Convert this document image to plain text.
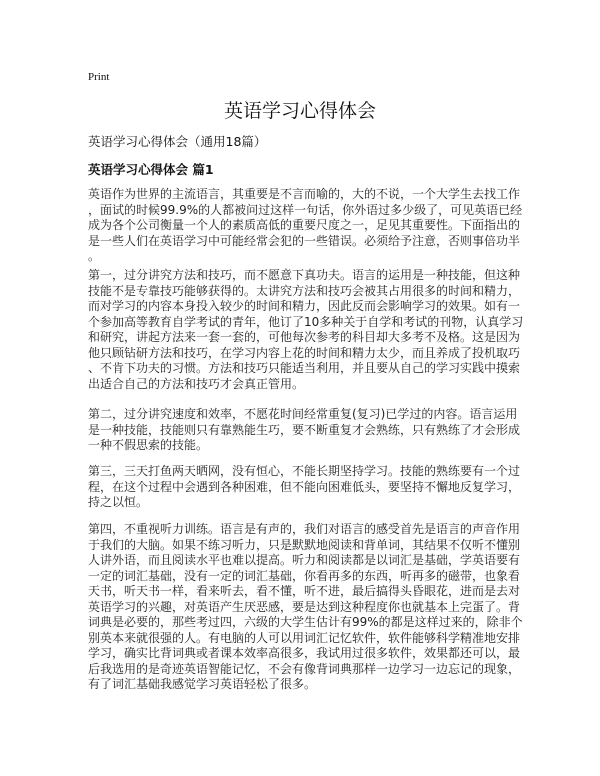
Print
英语学习心得体会
英语学习心得体会（通用18篇）
英语学习心得体会 篇1
英语作为世界的主流语言，其重要是不言而喻的，大的不说，一个大学生去找工作
，面试的时候99.9%的人都被问过这样一句话，你外语过多少级了，可见英语已经
成为各个公司衡量一个人的素质高低的重要尺度之一，足见其重要性。下面指出的
是一些人们在英语学习中可能经常会犯的一些错误。必须给予注意，否则事倍功半
。
第一，过分讲究方法和技巧，而不愿意下真功夫。语言的运用是一种技能，但这种
技能不是专靠技巧能够获得的。太讲究方法和技巧会被其占用很多的时间和精力，
而对学习的内容本身投入较少的时间和精力，因此反而会影响学习的效果。如有一
个参加高等教育自学考试的青年，他订了10多种关于自学和考试的刊物，认真学习
和研究，讲起方法来一套一套的，可他每次参考的科目却大多考不及格。这是因为
他只顾钻研方法和技巧，在学习内容上花的时间和精力太少，而且养成了投机取巧
、不肯下功夫的习惯。方法和技巧只能适当利用，并且要从自己的学习实践中摸索
出适合自己的方法和技巧才会真正管用。
第二，过分讲究速度和效率，不愿花时间经常重复(复习)已学过的内容。语言运用
是一种技能，技能则只有靠熟能生巧，要不断重复才会熟练，只有熟练了才会形成
一种不假思索的技能。
第三，三天打鱼两天晒网，没有恒心，不能长期坚持学习。技能的熟练要有一个过
程，在这个过程中会遇到各种困难，但不能向困难低头，要坚持不懈地反复学习，
持之以恒。
第四，不重视听力训练。语言是有声的，我们对语言的感受首先是语言的声音作用
于我们的大脑。如果不练习听力，只是默默地阅读和背单词，其结果不仅听不懂别
人讲外语，而且阅读水平也难以提高。听力和阅读都是以词汇是基础，学英语要有
一定的词汇基础，没有一定的词汇基础，你看再多的东西，听再多的磁带，也象看
天书，听天书一样，看来听去，看不懂，听不进，最后搞得头昏眼花，进而是去对
英语学习的兴趣，对英语产生厌恶感，要是达到这种程度你也就基本上完蛋了。背
词典是必要的，那些考过四，六级的大学生估计有99%的都是这样过来的，除非个
别英本来就很强的人。有电脑的人可以用词汇记忆软件，软件能够科学精准地安排
学习，确实比背词典或者课本效率高很多，我试用过很多软件，效果都还可以，最
后我选用的是奇迹英语智能记忆，不会有像背词典那样一边学习一边忘记的现象，
有了词汇基础我感觉学习英语轻松了很多。
